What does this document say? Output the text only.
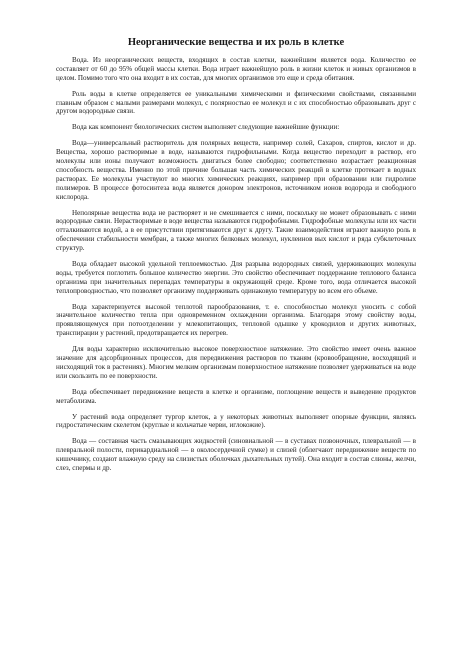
Неорганические вещества и их роль в клетке

Вода. Из неорганических веществ, входящих в состав клетки, важнейшим является вода. Количество ее составляет от 60 до 95% общей массы клетки. Вода играет важнейшую роль в жизни клеток и живых организмов в целом. Помимо того что она входит в их состав, для многих организмов это еще и среда обитания.

Роль воды в клетке определяется ее уникальными химическими и физическими свойствами, связанными главным образом с малыми размерами молекул, с полярностью ее молекул и с их способностью образовывать друг с другом водородные связи.

Вода как компонент биологических систем выполняет следующие важнейшие функции:

Вода—универсальный растворитель для полярных веществ, например солей, Сахаров, спиртов, кислот и др. Вещества, хорошо растворимые в воде, называются гидрофильными. Когда вещество переходит в раствор, его молекулы или ионы получают возможность двигаться более свободно; соответственно возрастает реакционная способность вещества. Именно по этой причине большая часть химических реакций в клетке протекает в водных растворах. Ее молекулы участвуют во многих химических реакциях, например при образовании или гидролизе полимеров. В процессе фотосинтеза вода является донором электронов, источником ионов водорода и свободного кислорода.

Неполярные вещества вода не растворяет и не смешивается с ними, поскольку не может образовывать с ними водородные связи. Нерастворимые в воде вещества называются гидрофобными. Гидрофобные молекулы или их части отталкиваются водой, а в ее присутствии притягиваются друг к другу. Такие взаимодействия играют важную роль в обеспечении стабильности мембран, а также многих белковых молекул, нуклеинов вых кислот и ряда субклеточных структур.

Вода обладает высокой удельной теплоемкостью. Для разрыва водородных связей, удерживающих молекулы воды, требуется поглотить большое количество энергии. Это свойство обеспечивает поддержание теплового баланса организма при значительных перепадах температуры в окружающей среде. Кроме того, вода отличается высокой теплопроводностью, что позволяет организму поддерживать одинаковую температуру во всем его объеме.

Вода характеризуется высокой теплотой парообразования, т. е. способностью молекул уносить с собой значительное количество тепла при одновременном охлаждении организма. Благодаря этому свойству воды, проявляющемуся при потоотделении у млекопитающих, тепловой одышке у крокодилов и других животных, транспирации у растений, предотвращается их перегрев.

Для воды характерно исключительно высокое поверхностное натяжение. Это свойство имеет очень важное значение для адсорбционных процессов, для передвижения растворов по тканям (кровообращение, восходящий и нисходящий ток в растениях). Многим мелким организмам поверхностное натяжение позволяет удерживаться на воде или скользить по ее поверхности.

Вода обеспечивает передвижение веществ в клетке и организме, поглощение веществ и выведение продуктов метаболизма.

У растений вода определяет тургор клеток, а у некоторых животных выполняет опорные функции, являясь гидростатическим скелетом (круглые и кольчатые черви, иглокожие).

Вода — составная часть смазывающих жидкостей (синовиальной — в суставах позвоночных, плевральной — в плевральной полости, перикардиальной — в околосердечной сумке) и слизей (облегчают передвижение веществ по кишечнику, создают влажную среду на слизистых оболочках дыхательных путей). Она входит в состав слюны, желчи, слез, спермы и др.
